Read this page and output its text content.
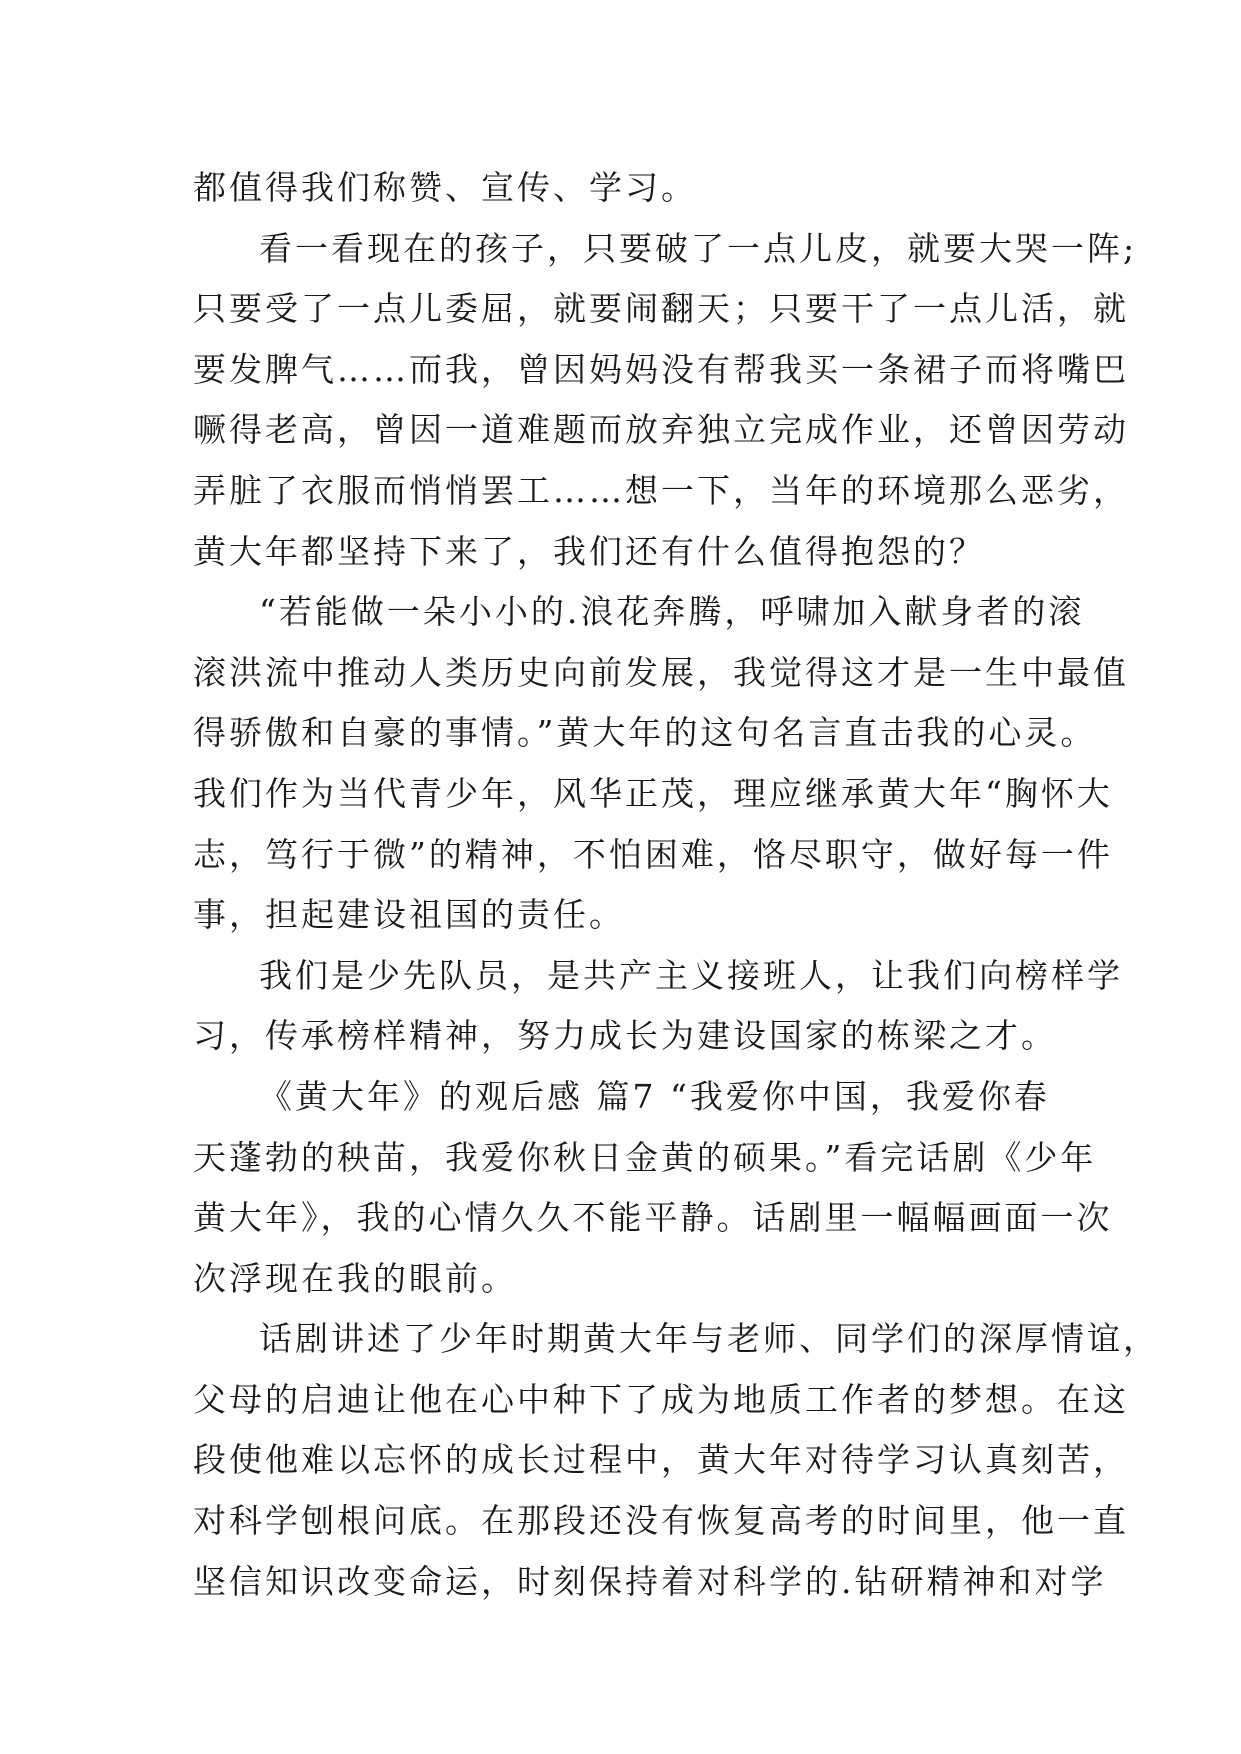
都值得我们称赞、宣传、学习。
看一看现在的孩子，只要破了一点儿皮，就要大哭一阵;
只要受了一点儿委屈，就要闹翻天；只要干了一点儿活，就
要发脾气……而我，曾因妈妈没有帮我买一条裙子而将嘴巴
噘得老高，曾因一道难题而放弃独立完成作业，还曾因劳动
弄脏了衣服而悄悄罢工……想一下，当年的环境那么恶劣，
黄大年都坚持下来了，我们还有什么值得抱怨的？
“若能做一朵小小的.浪花奔腾，呼啸加入献身者的滚
滚洪流中推动人类历史向前发展，我觉得这才是一生中最值
得骄傲和自豪的事情。”黄大年的这句名言直击我的心灵。
我们作为当代青少年，风华正茂，理应继承黄大年“胸怀大
志，笃行于微”的精神，不怕困难，恪尽职守，做好每一件
事，担起建设祖国的责任。
我们是少先队员，是共产主义接班人，让我们向榜样学
习，传承榜样精神，努力成长为建设国家的栋梁之才。
《黄大年》的观后感 篇7 “我爱你中国，我爱你春
天蓬勃的秧苗，我爱你秋日金黄的硕果。”看完话剧《少年
黄大年》，我的心情久久不能平静。话剧里一幅幅画面一次
次浮现在我的眼前。
话剧讲述了少年时期黄大年与老师、同学们的深厚情谊，
父母的启迪让他在心中种下了成为地质工作者的梦想。在这
段使他难以忘怀的成长过程中，黄大年对待学习认真刻苦，
对科学刨根问底。在那段还没有恢复高考的时间里，他一直
坚信知识改变命运，时刻保持着对科学的.钻研精神和对学
